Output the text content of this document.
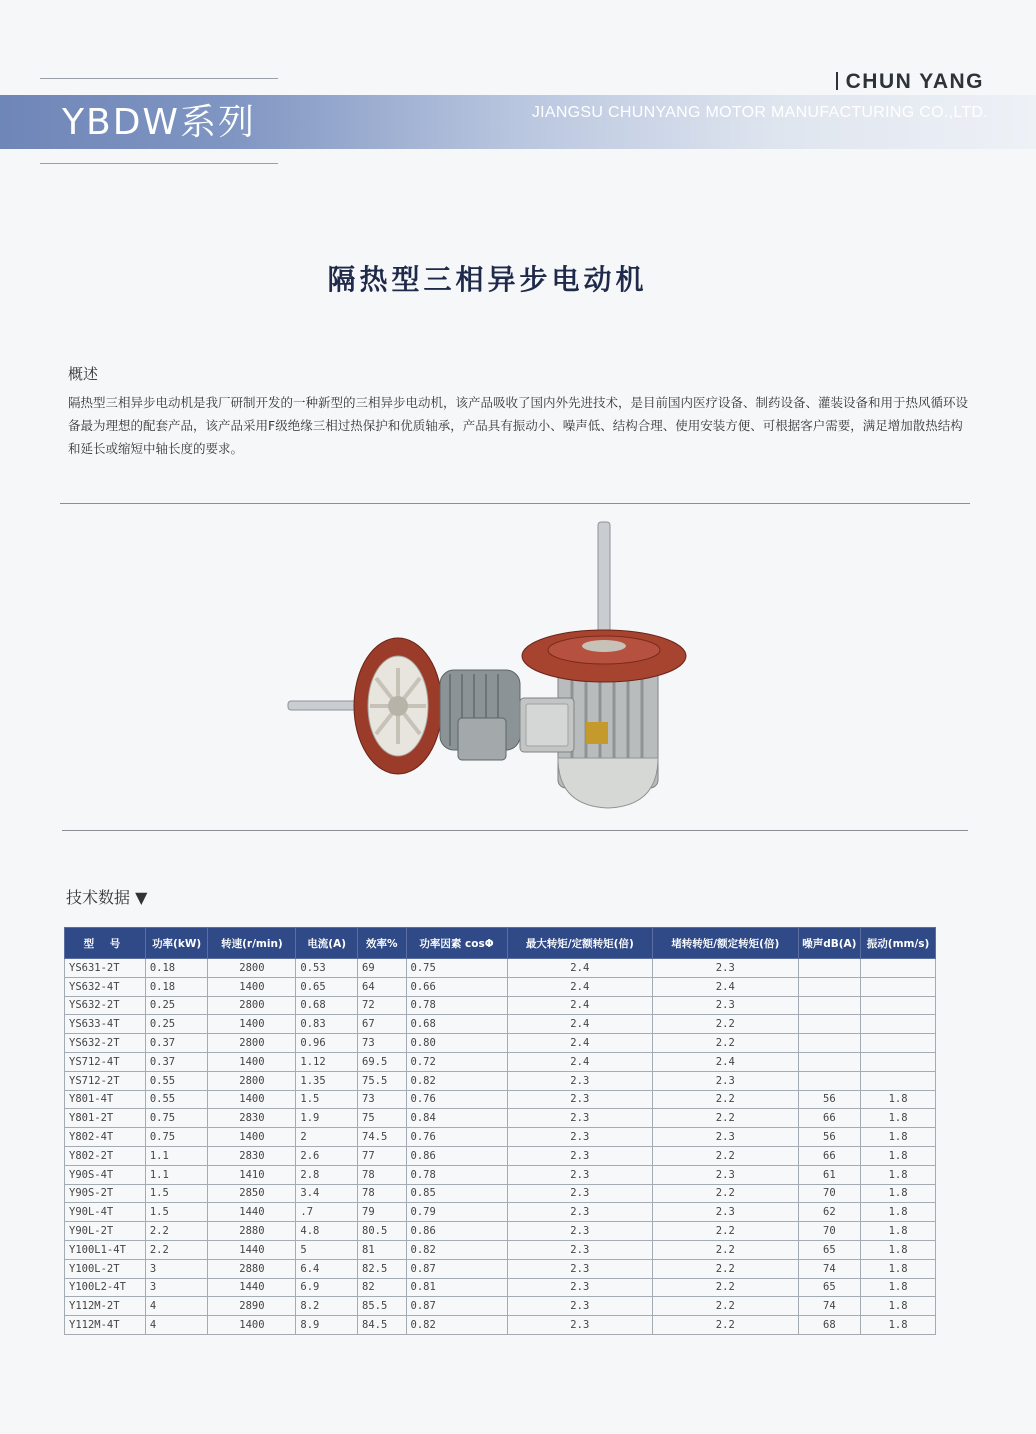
YBDW系列
CHUN YANG
JIANGSU CHUNYANG MOTOR MANUFACTURING CO.,LTD.
隔热型三相异步电动机
概述
隔热型三相异步电动机是我厂研制开发的一种新型的三相异步电动机，该产品吸收了国内外先进技术，是目前国内医疗设备、制药设备、灌装设备和用于热风循环设备最为理想的配套产品，该产品采用F级绝缘三相过热保护和优质轴承，产品具有振动小、噪声低、结构合理、使用安装方便、可根据客户需要，满足增加散热结构和延长或缩短中轴长度的要求。
技术数据 ▼
型 号	功率(kW)	转速(r/min)	电流(A)	效率%	功率因素 cosΦ	最大转矩/定额转矩(倍)	堵转转矩/额定转矩(倍)	噪声dB(A)	振动(mm/s)
YS631-2T	0.18	2800	0.53	69	0.75	2.4	2.3		
YS632-4T	0.18	1400	0.65	64	0.66	2.4	2.4		
YS632-2T	0.25	2800	0.68	72	0.78	2.4	2.3		
YS633-4T	0.25	1400	0.83	67	0.68	2.4	2.2		
YS632-2T	0.37	2800	0.96	73	0.80	2.4	2.2		
YS712-4T	0.37	1400	1.12	69.5	0.72	2.4	2.4		
YS712-2T	0.55	2800	1.35	75.5	0.82	2.3	2.3		
Y801-4T	0.55	1400	1.5	73	0.76	2.3	2.2	56	1.8
Y801-2T	0.75	2830	1.9	75	0.84	2.3	2.2	66	1.8
Y802-4T	0.75	1400	2	74.5	0.76	2.3	2.3	56	1.8
Y802-2T	1.1	2830	2.6	77	0.86	2.3	2.2	66	1.8
Y90S-4T	1.1	1410	2.8	78	0.78	2.3	2.3	61	1.8
Y90S-2T	1.5	2850	3.4	78	0.85	2.3	2.2	70	1.8
Y90L-4T	1.5	1440	.7	79	0.79	2.3	2.3	62	1.8
Y90L-2T	2.2	2880	4.8	80.5	0.86	2.3	2.2	70	1.8
Y100L1-4T	2.2	1440	5	81	0.82	2.3	2.2	65	1.8
Y100L-2T	3	2880	6.4	82.5	0.87	2.3	2.2	74	1.8
Y100L2-4T	3	1440	6.9	82	0.81	2.3	2.2	65	1.8
Y112M-2T	4	2890	8.2	85.5	0.87	2.3	2.2	74	1.8
Y112M-4T	4	1400	8.9	84.5	0.82	2.3	2.2	68	1.8
